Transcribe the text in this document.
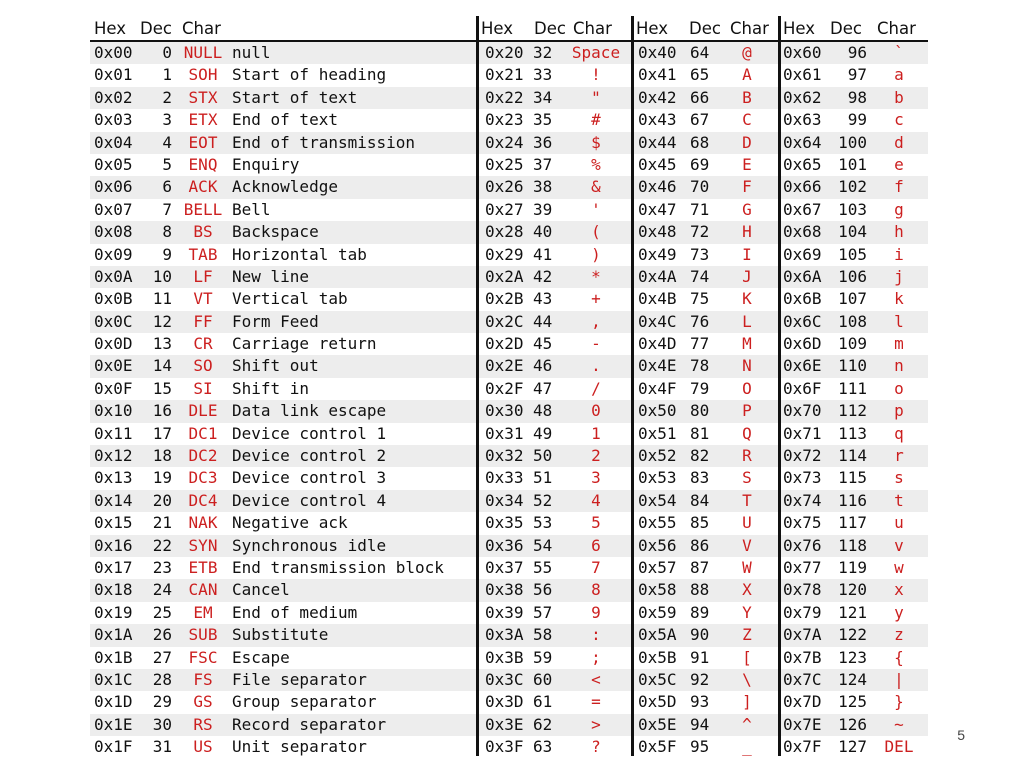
Hex Dec Char
0x00	0 NULL null
0x01	1	SOH Start of heading
0x02	2	STX Start of text
0x03	3	ETX End of text
0x04	4	EOT End of transmission
0x05	5	ENQ Enquiry
0x06	6	ACK Acknowledge
0x07	7 BELL Bell
0x08	8	BS	Backspace
0x09	9	TAB Horizontal tab
0x0A	10	LF	New line
0x0B	11	VT	Vertical tab
0x0C	12	FF	Form Feed
0x0D	13	CR	Carriage return
0x0E	14	SO	Shift out
0x0F	15	SI	Shift in
0x10	16	DLE Data link escape
0x11	17	DC1 Device control 1
0x12	18	DC2 Device control 2
0x13	19	DC3 Device control 3
0x14	20	DC4 Device control 4
0x15	21	NAK Negative ack
0x16	22	SYN Synchronous idle
0x17	23	ETB End transmission block
0x18	24	CAN Cancel
0x19	25	EM	End of medium
0x1A	26	SUB Substitute
0x1B	27	FSC Escape
0x1C	28	FS	File separator
0x1D	29	GS	Group separator
0x1E	30	RS	Record separator
0x1F	31	US	Unit separator
Hex Dec Char
0x20 32	Space
0x21 33	!
0x22 34	"
0x23 35	#
0x24 36	$
0x25 37	%
0x26 38	&
0x27 39	'
0x28 40	(
0x29 41	)
0x2A 42	*
0x2B 43	+
0x2C 44	,
0x2D 45	-
0x2E 46	.
0x2F 47	/
0x30 48	0
0x31 49	1
0x32 50	2
0x33 51	3
0x34 52	4
0x35 53	5
0x36 54	6
0x37 55	7
0x38 56	8
0x39 57	9
0x3A 58	:
0x3B 59	;
0x3C 60	<
0x3D 61	=
0x3E 62	>
0x3F 63	?
Hex Dec Char
0x40 64	@
0x41 65	A
0x42 66	B
0x43 67	C
0x44 68	D
0x45 69	E
0x46 70	F
0x47 71	G
0x48 72	H
0x49 73	I
0x4A 74	J
0x4B 75	K
0x4C 76	L
0x4D 77	M
0x4E 78	N
0x4F 79	O
0x50 80	P
0x51 81	Q
0x52 82	R
0x53 83	S
0x54 84	T
0x55 85	U
0x56 86	V
0x57 87	W
0x58 88	X
0x59 89	Y
0x5A 90	Z
0x5B 91	[
0x5C 92	\
0x5D 93	]
0x5E 94	^
0x5F 95	_
Hex Dec Char
0x60	96	`
0x61	97	a
0x62	98	b
0x63	99	c
0x64	100	d
0x65	101	e
0x66	102	f
0x67	103	g
0x68	104	h
0x69	105	i
0x6A	106	j
0x6B	107	k
0x6C	108	l
0x6D	109	m
0x6E	110	n
0x6F	111	o
0x70	112	p
0x71	113	q
0x72	114	r
0x73	115	s
0x74	116	t
0x75	117	u
0x76	118	v
0x77	119	w
0x78	120	x
0x79	121	y
0x7A	122	z
0x7B	123	{
0x7C	124	|
0x7D	125	}
0x7E	126	~
0x7F	127	DEL
5
